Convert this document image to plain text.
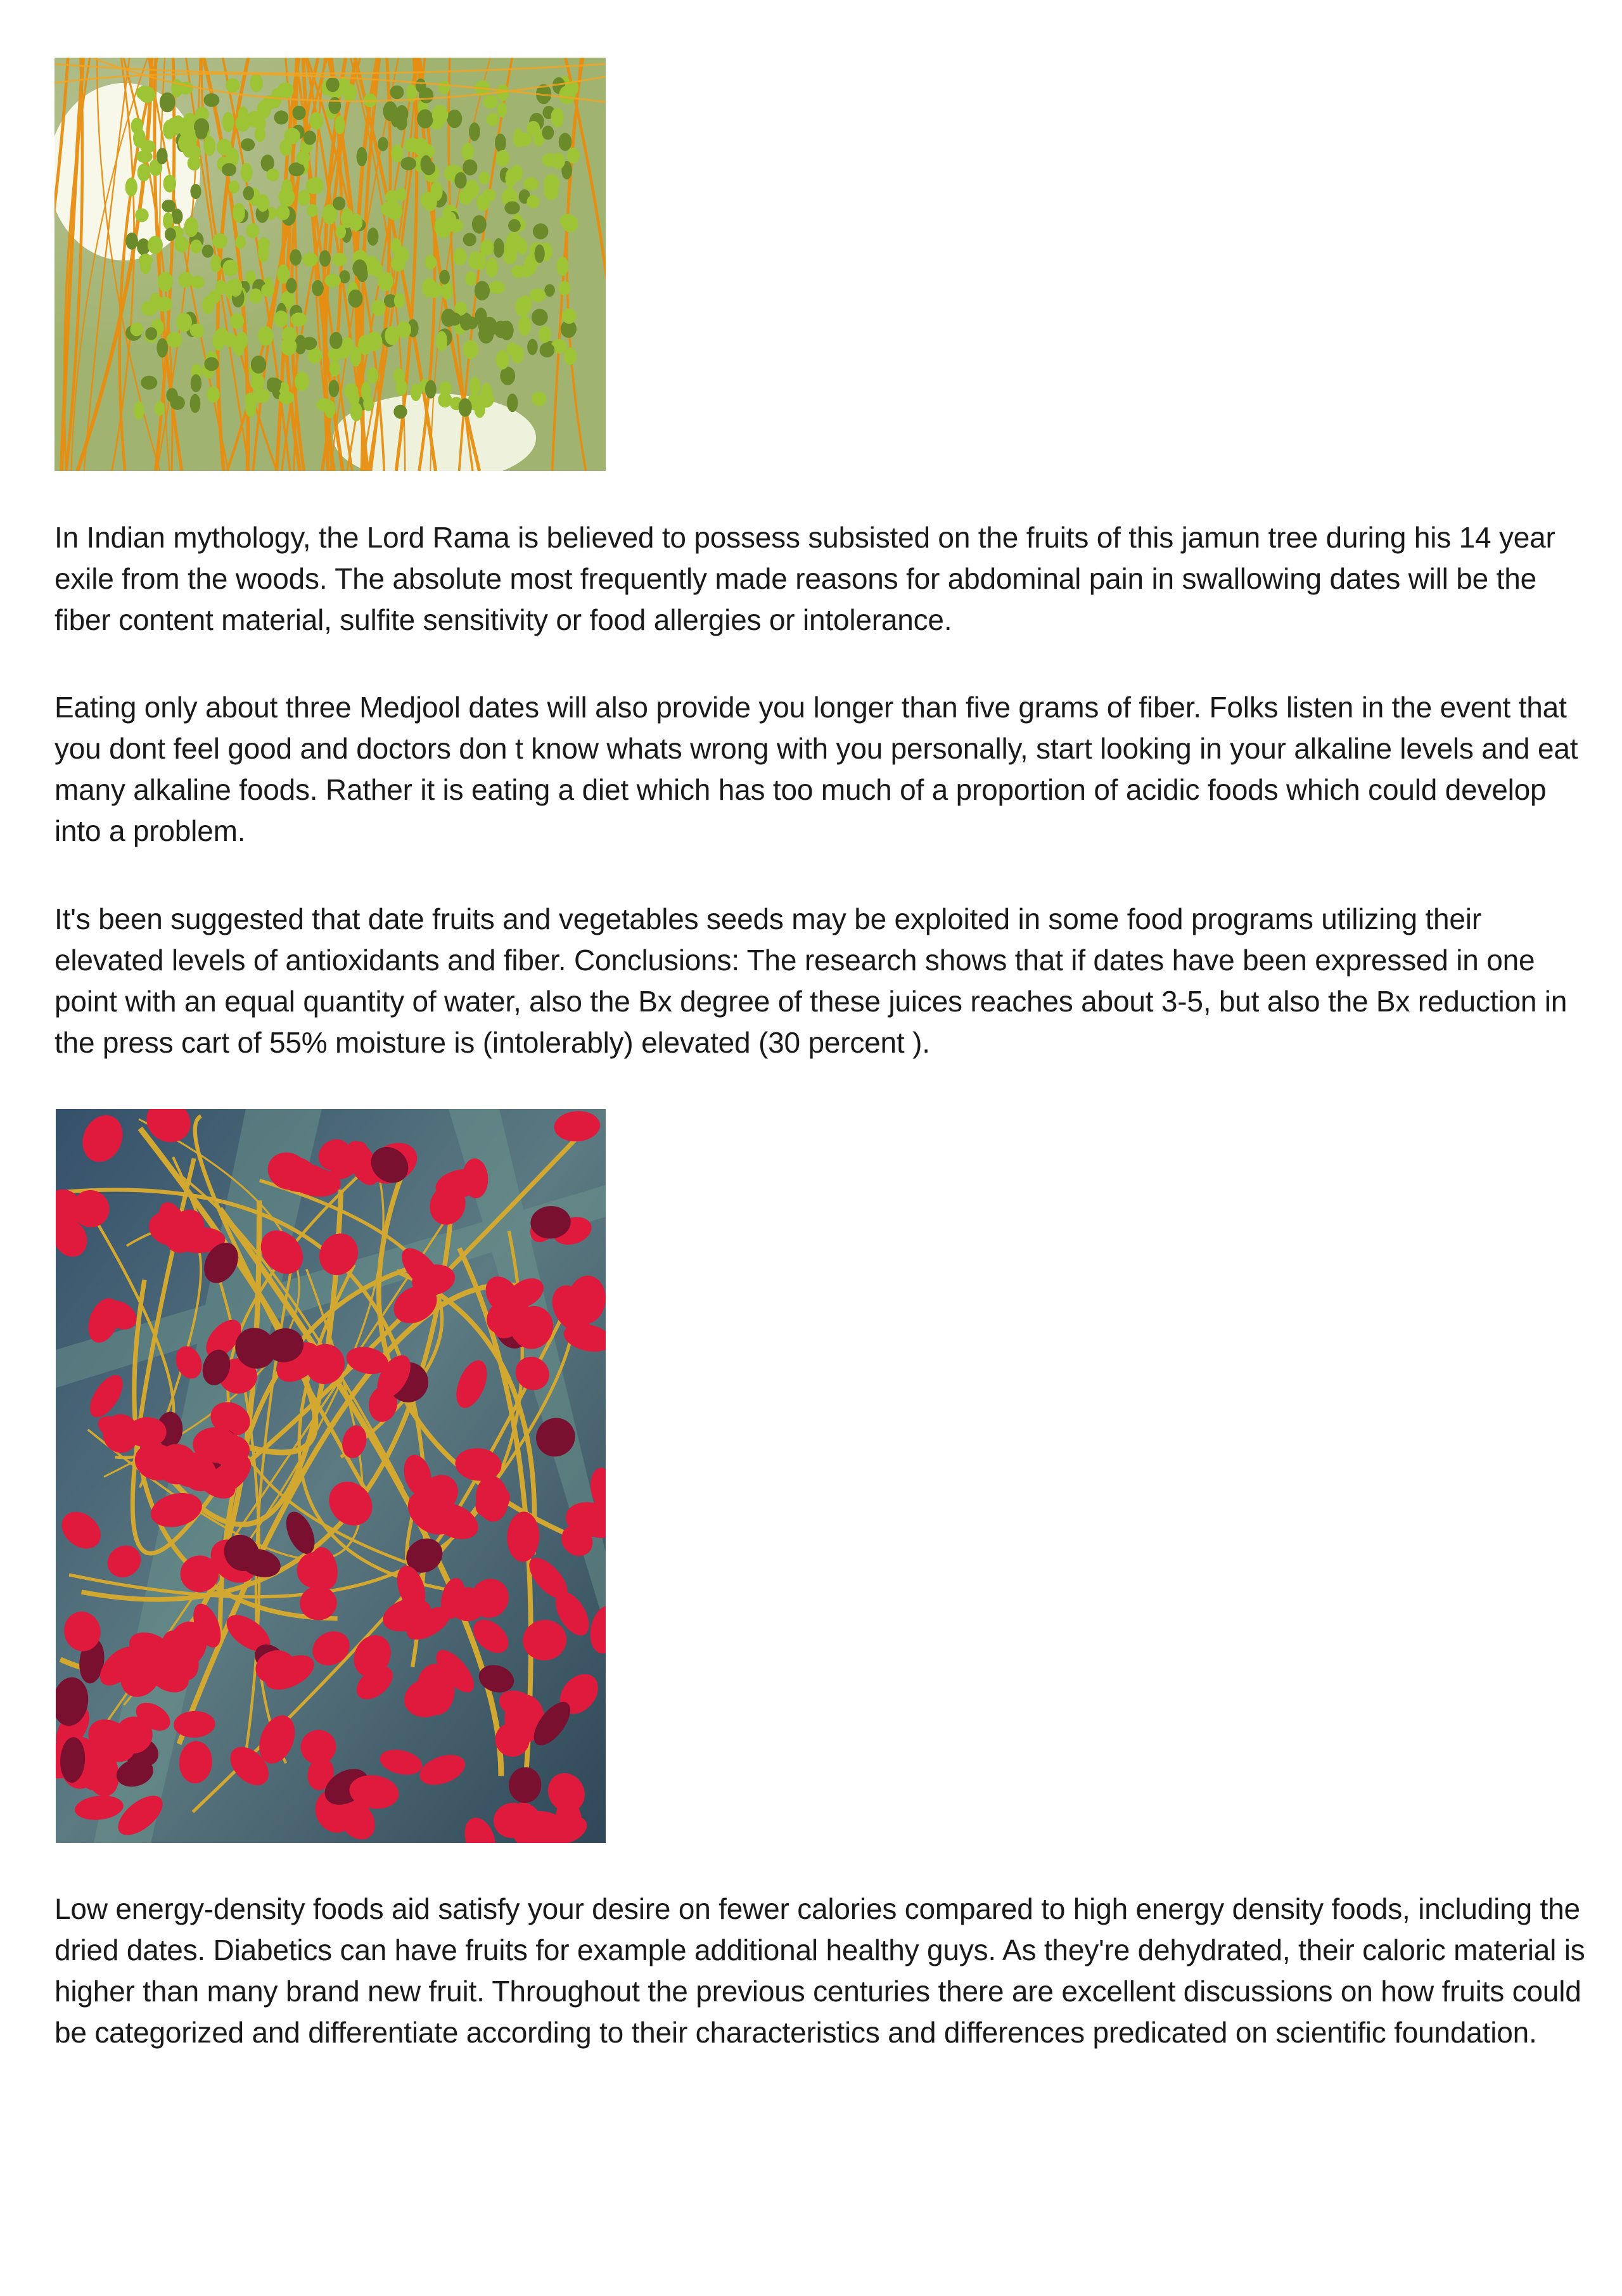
In Indian mythology, the Lord Rama is believed to possess subsisted on the fruits of this jamun tree during his 14 year exile from the woods. The absolute most frequently made reasons for abdominal pain in swallowing dates will be the fiber content material, sulfite sensitivity or food allergies or intolerance.

Eating only about three Medjool dates will also provide you longer than five grams of fiber. Folks listen in the event that you dont feel good and doctors don t know whats wrong with you personally, start looking in your alkaline levels and eat many alkaline foods. Rather it is eating a diet which has too much of a proportion of acidic foods which could develop into a problem.

It's been suggested that date fruits and vegetables seeds may be exploited in some food programs utilizing their elevated levels of antioxidants and fiber. Conclusions: The research shows that if dates have been expressed in one point with an equal quantity of water, also the Bx degree of these juices reaches about 3-5, but also the Bx reduction in the press cart of 55% moisture is (intolerably) elevated (30 percent ).

Low energy-density foods aid satisfy your desire on fewer calories compared to high energy density foods, including the dried dates. Diabetics can have fruits for example additional healthy guys. As they're dehydrated, their caloric material is higher than many brand new fruit. Throughout the previous centuries there are excellent discussions on how fruits could be categorized and differentiate according to their characteristics and differences predicated on scientific foundation.
